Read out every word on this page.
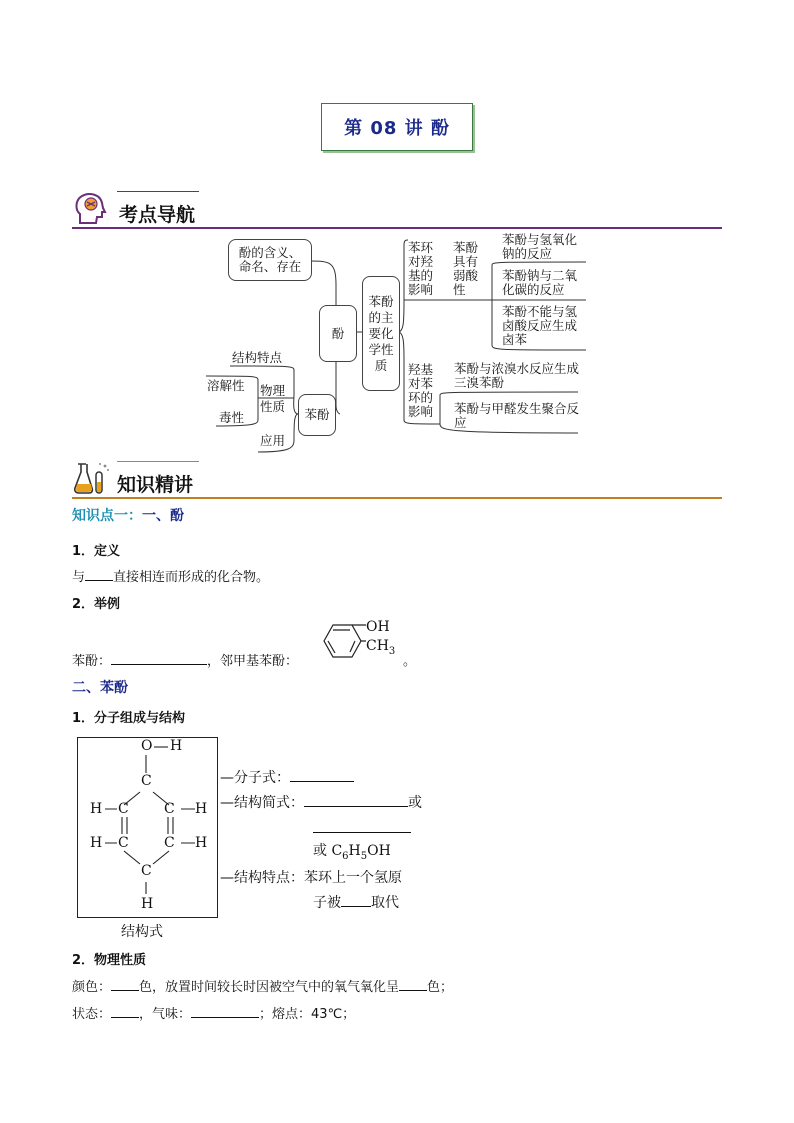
第 08 讲 酚
考点导航
酚的含义、命名、存在
酚
苯酚
苯酚的主要化学性质
结构特点
物理性质
溶解性
毒性
应用
苯环对羟基的影响
苯酚具有弱酸性
羟基对苯环的影响
苯酚与氢氧化钠的反应
苯酚钠与二氧化碳的反应
苯酚不能与氢卤酸反应生成卤苯
苯酚与浓溴水反应生成三溴苯酚
苯酚与甲醛发生聚合反应
知识精讲
知识点一：一、酚
1．定义
与 直接相连而形成的化合物。
2．举例
苯酚：	，邻甲基苯酚：
OH
$CH_3$
。
二、苯酚
1．分子组成与结构
O H
C
H C	C H
H C	C H
C
H
结构式
—分子式：
—结构简式：	或
或 $C_6H_5OH$
—结构特点：苯环上一个氢原
子被 取代
2．物理性质
颜色： 色，放置时间较长时因被空气中的氧气氧化呈 色；
状态： ，气味：	；熔点：43℃；
